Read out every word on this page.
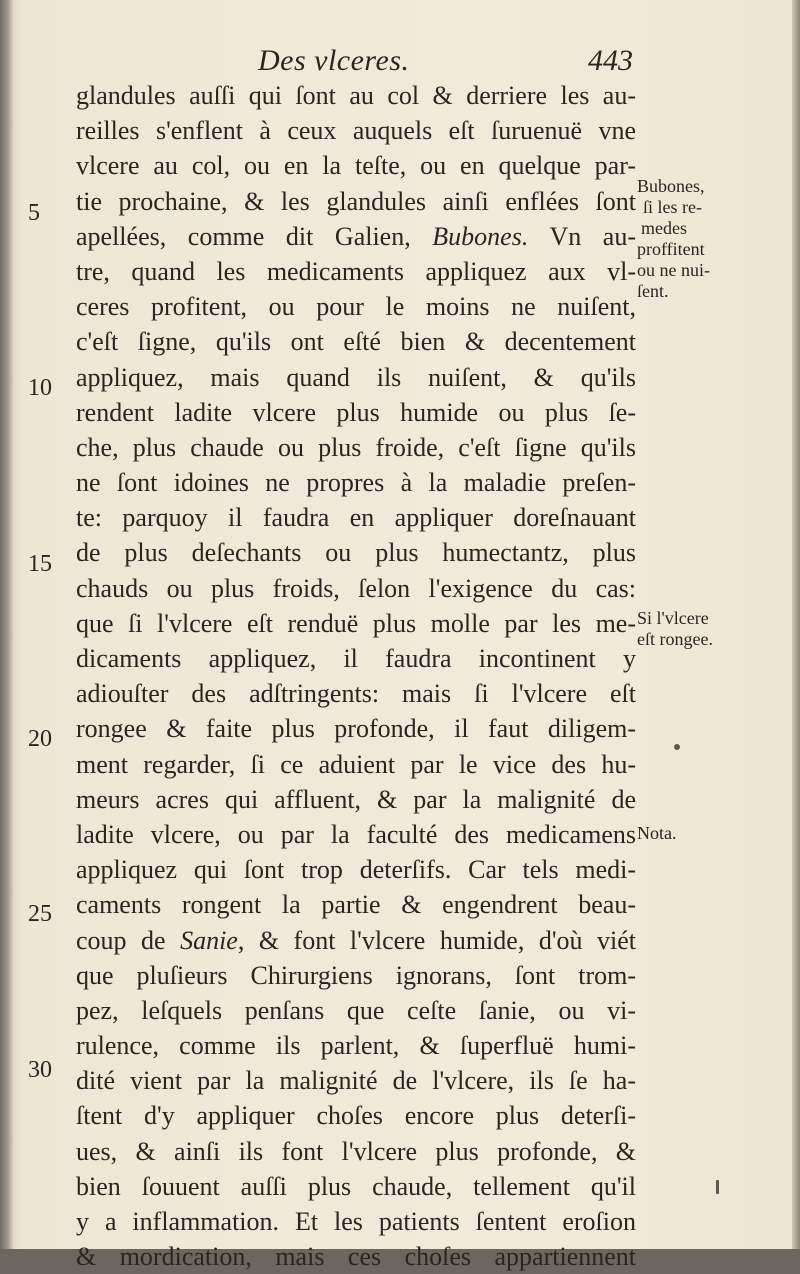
Des vlceres.	443
glandules auſſi qui ſont au col & derriere les au-
reilles s'enflent à ceux auquels eſt ſuruenuë vne
vlcere au col, ou en la teſte, ou en quelque par-
tie prochaine, & les glandules ainſi enflées ſont
apellées, comme dit Galien, Bubones. Vn au-
tre, quand les medicaments appliquez aux vl-
ceres profitent, ou pour le moins ne nuiſent,
c'eſt ſigne, qu'ils ont eſté bien & decentement
appliquez, mais quand ils nuiſent, & qu'ils
rendent ladite vlcere plus humide ou plus ſe-
che, plus chaude ou plus froide, c'eſt ſigne qu'ils
ne ſont idoines ne propres à la maladie preſen-
te: parquoy il faudra en appliquer doreſnauant
de plus deſechants ou plus humectantz, plus
chauds ou plus froids, ſelon l'exigence du cas:
que ſi l'vlcere eſt renduë plus molle par les me-
dicaments appliquez, il faudra incontinent y
adiouſter des adſtringents: mais ſi l'vlcere eſt
rongee & faite plus profonde, il faut diligem-
ment regarder, ſi ce aduient par le vice des hu-
meurs acres qui affluent, & par la malignité de
ladite vlcere, ou par la faculté des medicamens
appliquez qui ſont trop deterſifs. Car tels medi-
caments rongent la partie & engendrent beau-
coup de Sanie, & font l'vlcere humide, d'où viét
que pluſieurs Chirurgiens ignorans, ſont trom-
pez, leſquels penſans que ceſte ſanie, ou vi-
rulence, comme ils parlent, & ſuperfluë humi-
dité vient par la malignité de l'vlcere, ils ſe ha-
ſtent d'y appliquer choſes encore plus deterſi-
ues, & ainſi ils font l'vlcere plus profonde, &
bien ſouuent auſſi plus chaude, tellement qu'il
y a inflammation. Et les patients ſentent eroſion
& mordication, mais ces choſes appartiennent
5
10
15
20
25
30
Bubones,
ſi les re-
medes
proffitent
ou ne nui-
ſent.
Si l'vlcere
eſt rongee.
Nota.
